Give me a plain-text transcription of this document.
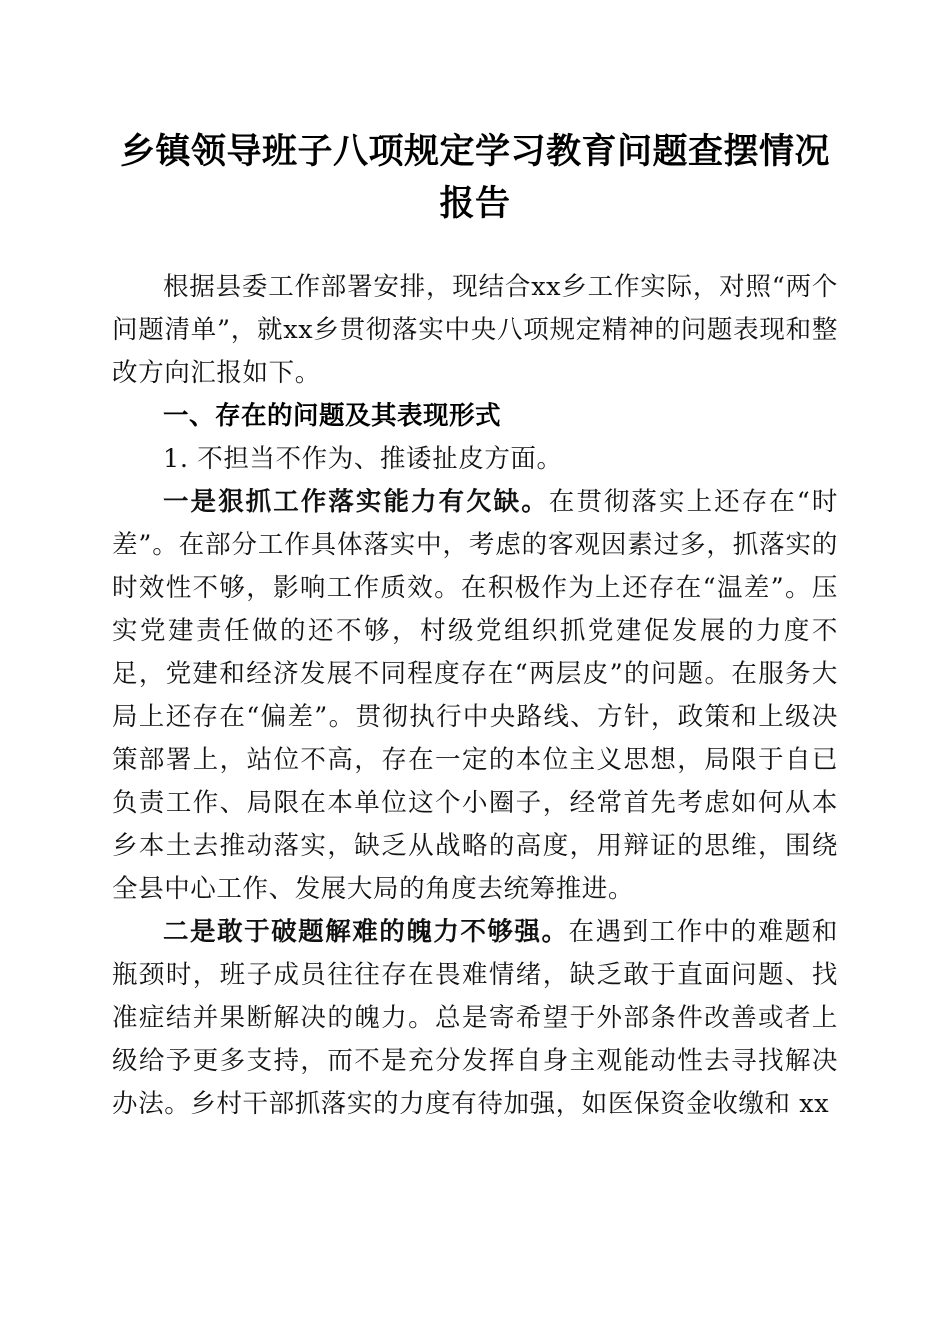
乡镇领导班子八项规定学习教育问题查摆情况报告

根据县委工作部署安排，现结合xx乡工作实际，对照“两个问题清单”，就xx乡贯彻落实中央八项规定精神的问题表现和整改方向汇报如下。

一、存在的问题及其表现形式

1. 不担当不作为、推诿扯皮方面。

一是狠抓工作落实能力有欠缺。在贯彻落实上还存在“时差”。在部分工作具体落实中，考虑的客观因素过多，抓落实的时效性不够，影响工作质效。在积极作为上还存在“温差”。压实党建责任做的还不够，村级党组织抓党建促发展的力度不足，党建和经济发展不同程度存在“两层皮”的问题。在服务大局上还存在“偏差”。贯彻执行中央路线、方针，政策和上级决策部署上，站位不高，存在一定的本位主义思想，局限于自已负责工作、局限在本单位这个小圈子，经常首先考虑如何从本乡本土去推动落实，缺乏从战略的高度，用辩证的思维，围绕全县中心工作、发展大局的角度去统筹推进。

二是敢于破题解难的魄力不够强。在遇到工作中的难题和瓶颈时，班子成员往往存在畏难情绪，缺乏敢于直面问题、找准症结并果断解决的魄力。总是寄希望于外部条件改善或者上级给予更多支持，而不是充分发挥自身主观能动性去寻找解决办法。乡村干部抓落实的力度有待加强，如医保资金收缴和 xx
